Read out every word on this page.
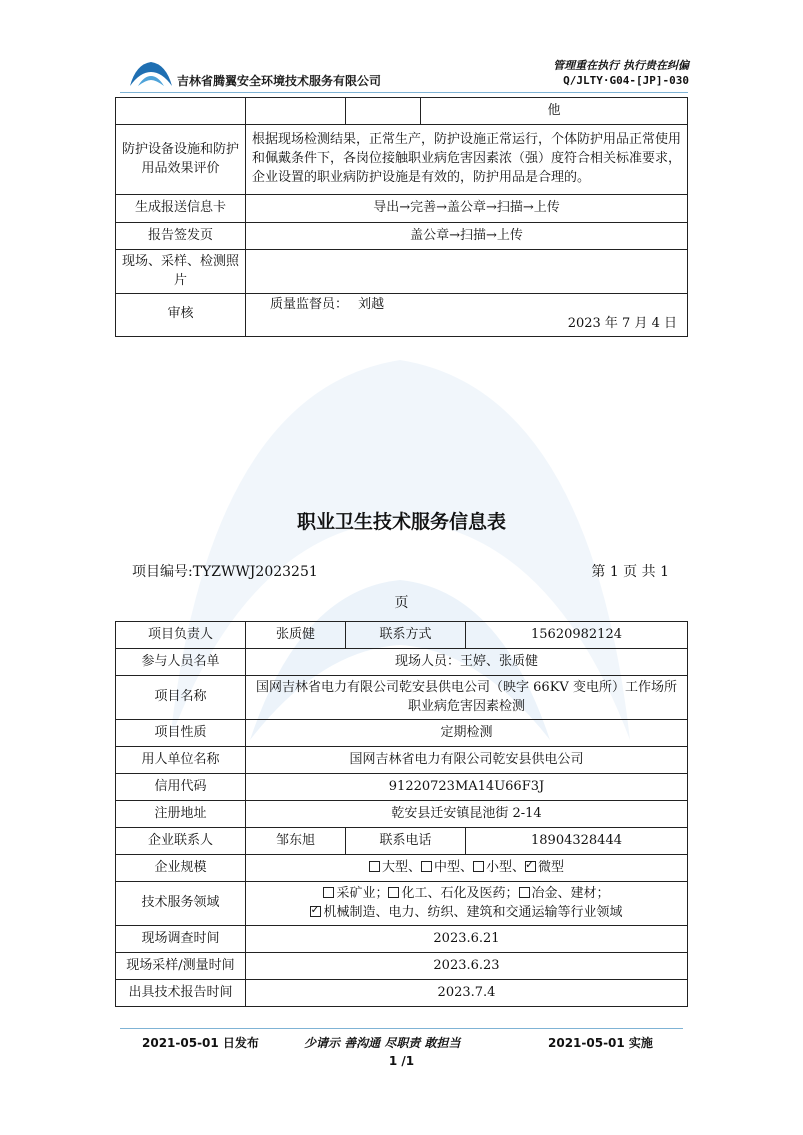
吉林省腾翼安全环境技术服务有限公司
管理重在执行 执行贵在纠偏
Q/JLTY·G04-[JP]-030
			他
防护设备设施和防护用品效果评价	根据现场检测结果，正常生产，防护设施正常运行，个体防护用品正常使用和佩戴条件下，各岗位接触职业病危害因素浓（强）度符合相关标准要求，企业设置的职业病防护设施是有效的，防护用品是合理的。		
生成报送信息卡	导出→完善→盖公章→扫描→上传		
报告签发页	盖公章→扫描→上传		
现场、采样、检测照片			
审核	质量监督员： 刘越
2023 年 7 月 4 日		
职业卫生技术服务信息表
项目编号:TYZWWJ2023251	第 1 页 共 1
页
项目负责人	张质健	联系方式	15620982124
参与人员名单	现场人员：王婷、张质健		
项目名称	国网吉林省电力有限公司乾安县供电公司（映字 66KV 变电所）工作场所职业病危害因素检测		
项目性质	定期检测		
用人单位名称	国网吉林省电力有限公司乾安县供电公司		
信用代码	91220723MA14U66F3J		
注册地址	乾安县迁安镇昆池街 2-14		
企业联系人	邹东旭	联系电话	18904328444
企业规模	大型、 中型、 小型、 ✓ 微型
技术服务领域	采矿业； 化工、石化及医药； 冶金、建材；
✓机械制造、电力、纺织、建筑和交通运输等行业领域

现场调查时间	2023.6.21		
现场采样/测量时间	2023.6.23		
出具技术报告时间	2023.7.4		
2021-05-01 日发布	少请示 善沟通 尽职责 敢担当	2021-05-01 实施
1 /1
